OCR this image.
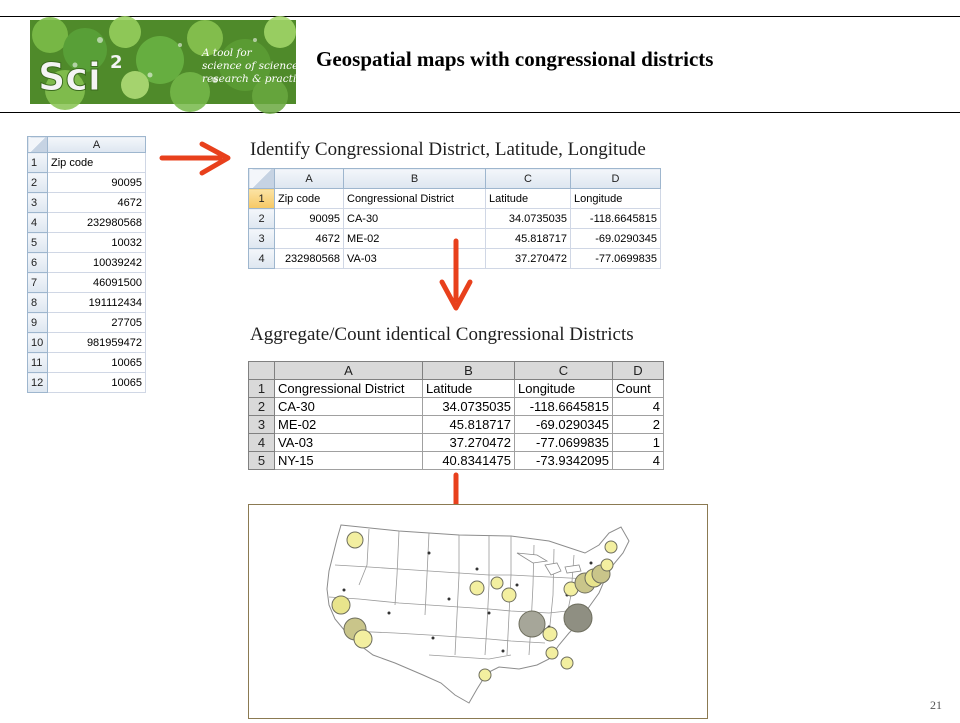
Sci 2	A tool for
science of science
research & practice
Geospatial maps with congressional districts
	A
1	Zip code
2	90095
3	4672
4	232980568
5	10032
6	10039242
7	46091500
8	191112434
9	27705
10	981959472
11	10065
12	10065
Identify Congressional District, Latitude, Longitude
	A	B	C	D
1	Zip code	Congressional District	Latitude	Longitude
2	90095	CA-30	34.0735035	-118.6645815
3	4672	ME-02	45.818717	-69.0290345
4	232980568	VA-03	37.270472	-77.0699835
Aggregate/Count identical Congressional Districts
	A	B	C	D
1	Congressional District	Latitude	Longitude	Count
2	CA-30	34.0735035	-118.6645815	4
3	ME-02	45.818717	-69.0290345	2
4	VA-03	37.270472	-77.0699835	1
5	NY-15	40.8341475	-73.9342095	4
21
